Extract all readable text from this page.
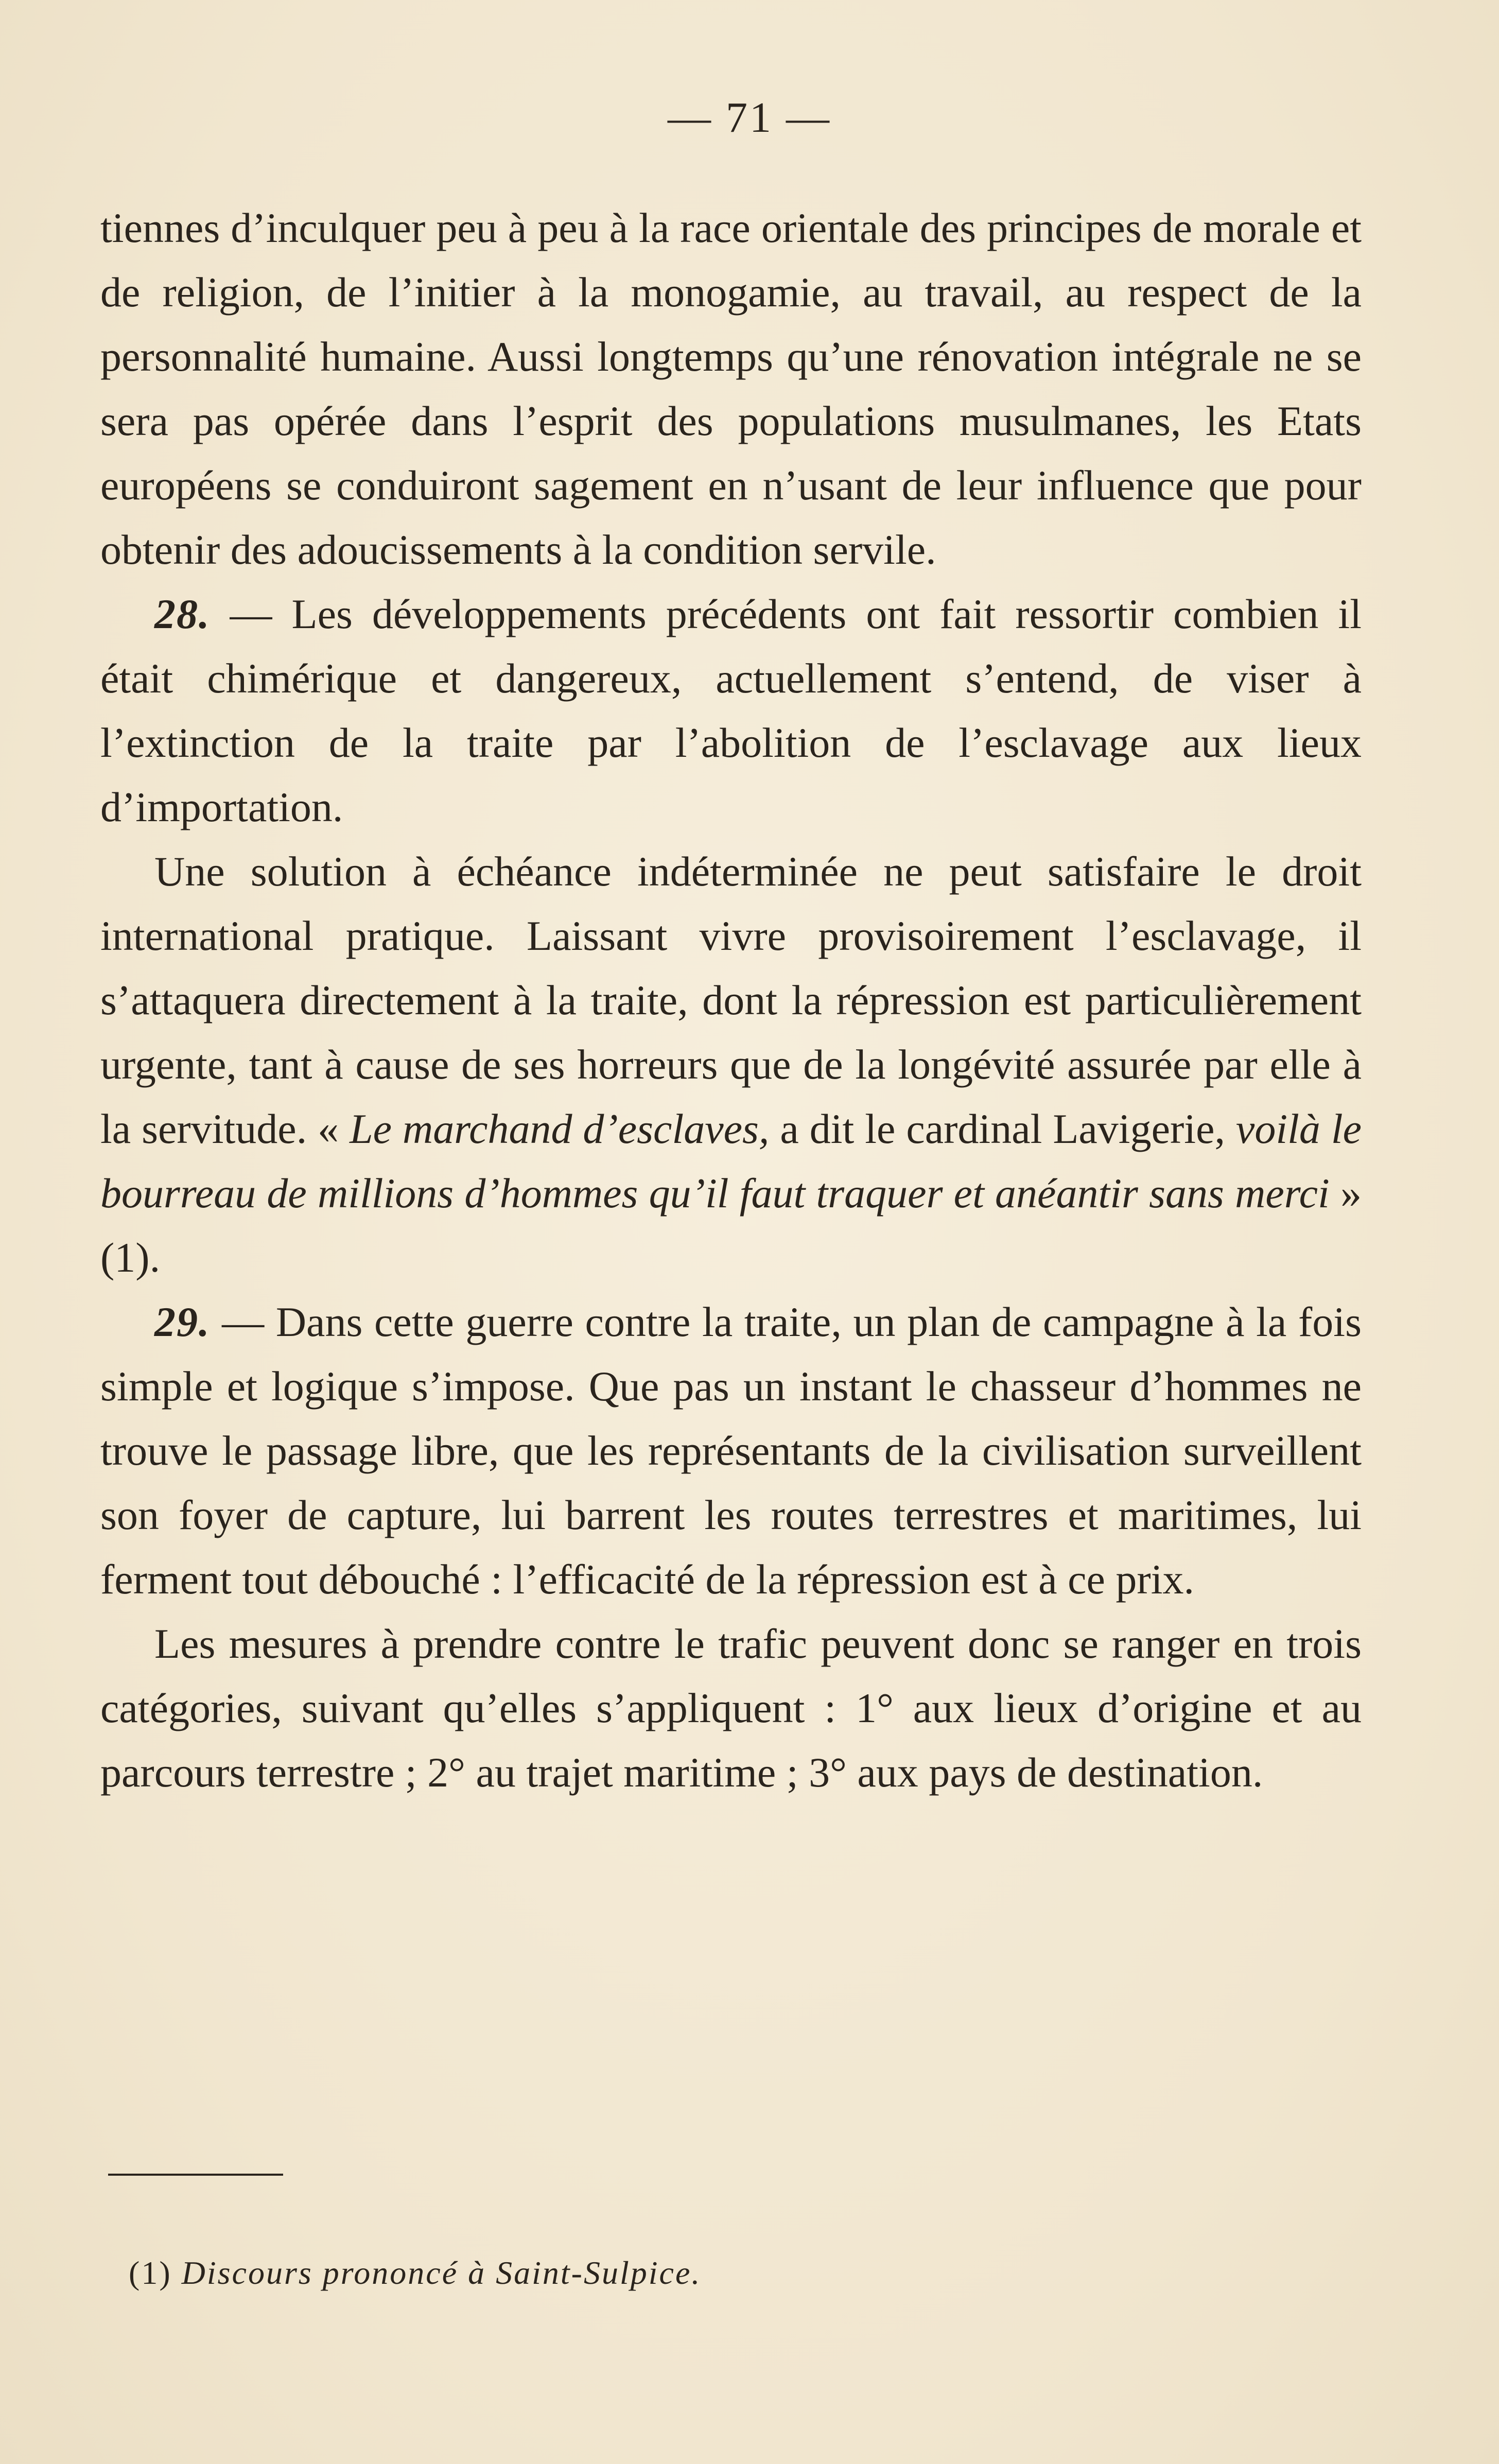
— 71 —

tiennes d’inculquer peu à peu à la race orientale des principes de morale et de religion, de l’initier à la monogamie, au travail, au respect de la personnalité humaine. Aussi longtemps qu’une rénovation intégrale ne se sera pas opérée dans l’esprit des populations musulmanes, les Etats européens se conduiront sagement en n’usant de leur influence que pour obtenir des adoucissements à la condition servile.

28. — Les développements précédents ont fait ressortir combien il était chimérique et dangereux, actuellement s’entend, de viser à l’extinction de la traite par l’abolition de l’esclavage aux lieux d’importation.

Une solution à échéance indéterminée ne peut satisfaire le droit international pratique. Laissant vivre provisoirement l’esclavage, il s’attaquera directement à la traite, dont la répression est particulièrement urgente, tant à cause de ses horreurs que de la longévité assurée par elle à la servitude. « Le marchand d’esclaves, a dit le cardinal Lavigerie, voilà le bourreau de millions d’hommes qu’il faut traquer et anéantir sans merci » (1).

29. — Dans cette guerre contre la traite, un plan de campagne à la fois simple et logique s’impose. Que pas un instant le chasseur d’hommes ne trouve le passage libre, que les représentants de la civilisation surveillent son foyer de capture, lui barrent les routes terrestres et maritimes, lui ferment tout débouché : l’efficacité de la répression est à ce prix.

Les mesures à prendre contre le trafic peuvent donc se ranger en trois catégories, suivant qu’elles s’appliquent : 1° aux lieux d’origine et au parcours terrestre ; 2° au trajet maritime ; 3° aux pays de destination.

(1) Discours prononcé à Saint-Sulpice.
